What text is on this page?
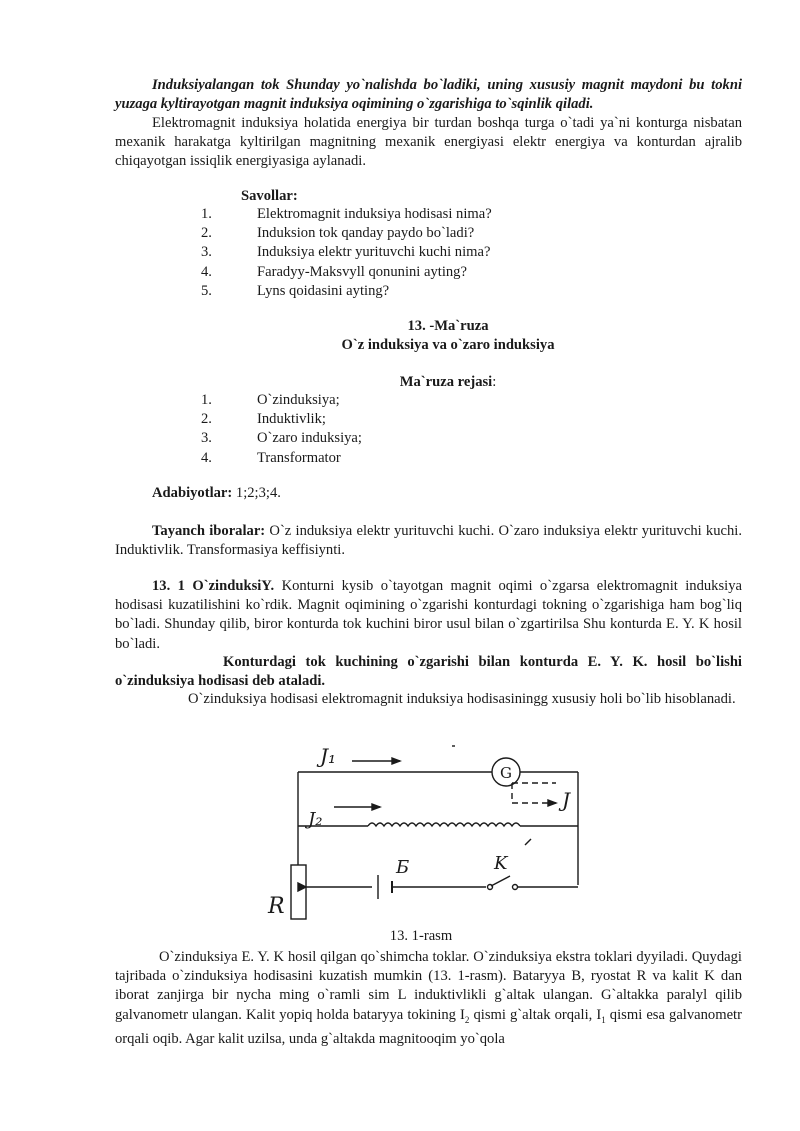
Induksiyalangan tok Shunday yo`nalishda bo`ladiki, uning xususiy magnit maydoni bu tokni yuzaga kyltirayotgan magnit induksiya oqimining o`zgarishiga to`sqinlik qiladi.

Elektromagnit induksiya holatida energiya bir turdan boshqa turga o`tadi ya`ni konturga nisbatan mexanik harakatga kyltirilgan magnitning mexanik energiyasi elektr energiya va konturdan ajralib chiqayotgan issiqlik energiyasiga aylanadi.

Savollar:
1.	Elektromagnit induksiya hodisasi nima?
2.	Induksion tok qanday paydo bo`ladi?
3.	Induksiya elektr yurituvchi kuchi nima?
4.	Faradyy-Maksvyll qonunini ayting?
5.	Lyns qoidasini ayting?
13. -Ma`ruza
O`z induksiya va o`zaro induksiya
Ma`ruza rejasi:
1.	O`zinduksiya;
2.	Induktivlik;
3.	O`zaro induksiya;
4.	Transformator
Adabiyotlar: 1;2;3;4.

Tayanch iboralar: O`z induksiya elektr yurituvchi kuchi. O`zaro induksiya elektr yurituvchi kuchi. Induktivlik. Transformasiya keffisiynti.

13. 1 O`zinduksiY. Konturni kysib o`tayotgan magnit oqimi o`zgarsa elektromagnit induksiya hodisasi kuzatilishini ko`rdik. Magnit oqimining o`zgarishi konturdagi tokning o`zgarishiga ham bog`liq bo`ladi. Shunday qilib, biror konturda tok kuchini biror usul bilan o`zgartirilsa Shu konturda E. Y. K hosil bo`ladi.

Konturdagi tok kuchining o`zgarishi bilan konturda E. Y. K. hosil bo`lishi o`zinduksiya hodisasi deb ataladi.

O`zinduksiya hodisasi elektromagnit induksiya hodisasiningg xususiy holi bo`lib hisoblanadi.

J₁
J₂
G
J
Б	K
R
13. 1-rasm

O`zinduksiya E. Y. K hosil qilgan qo`shimcha toklar. O`zinduksiya ekstra toklari dyyiladi. Quydagi tajribada o`zinduksiya hodisasini kuzatish mumkin (13. 1-rasm). Bataryya B, ryostat R va kalit K dan iborat zanjirga bir nycha ming o`ramli sim L induktivlikli g`altak ulangan. G`altakka paralyl qilib galvanometr ulangan. Kalit yopiq holda bataryya tokining $I_2$ qismi g`altak orqali, $I_1$ qismi esa galvanometr orqali oqib. Agar kalit uzilsa, unda g`altakda magnitooqim yo`qola
